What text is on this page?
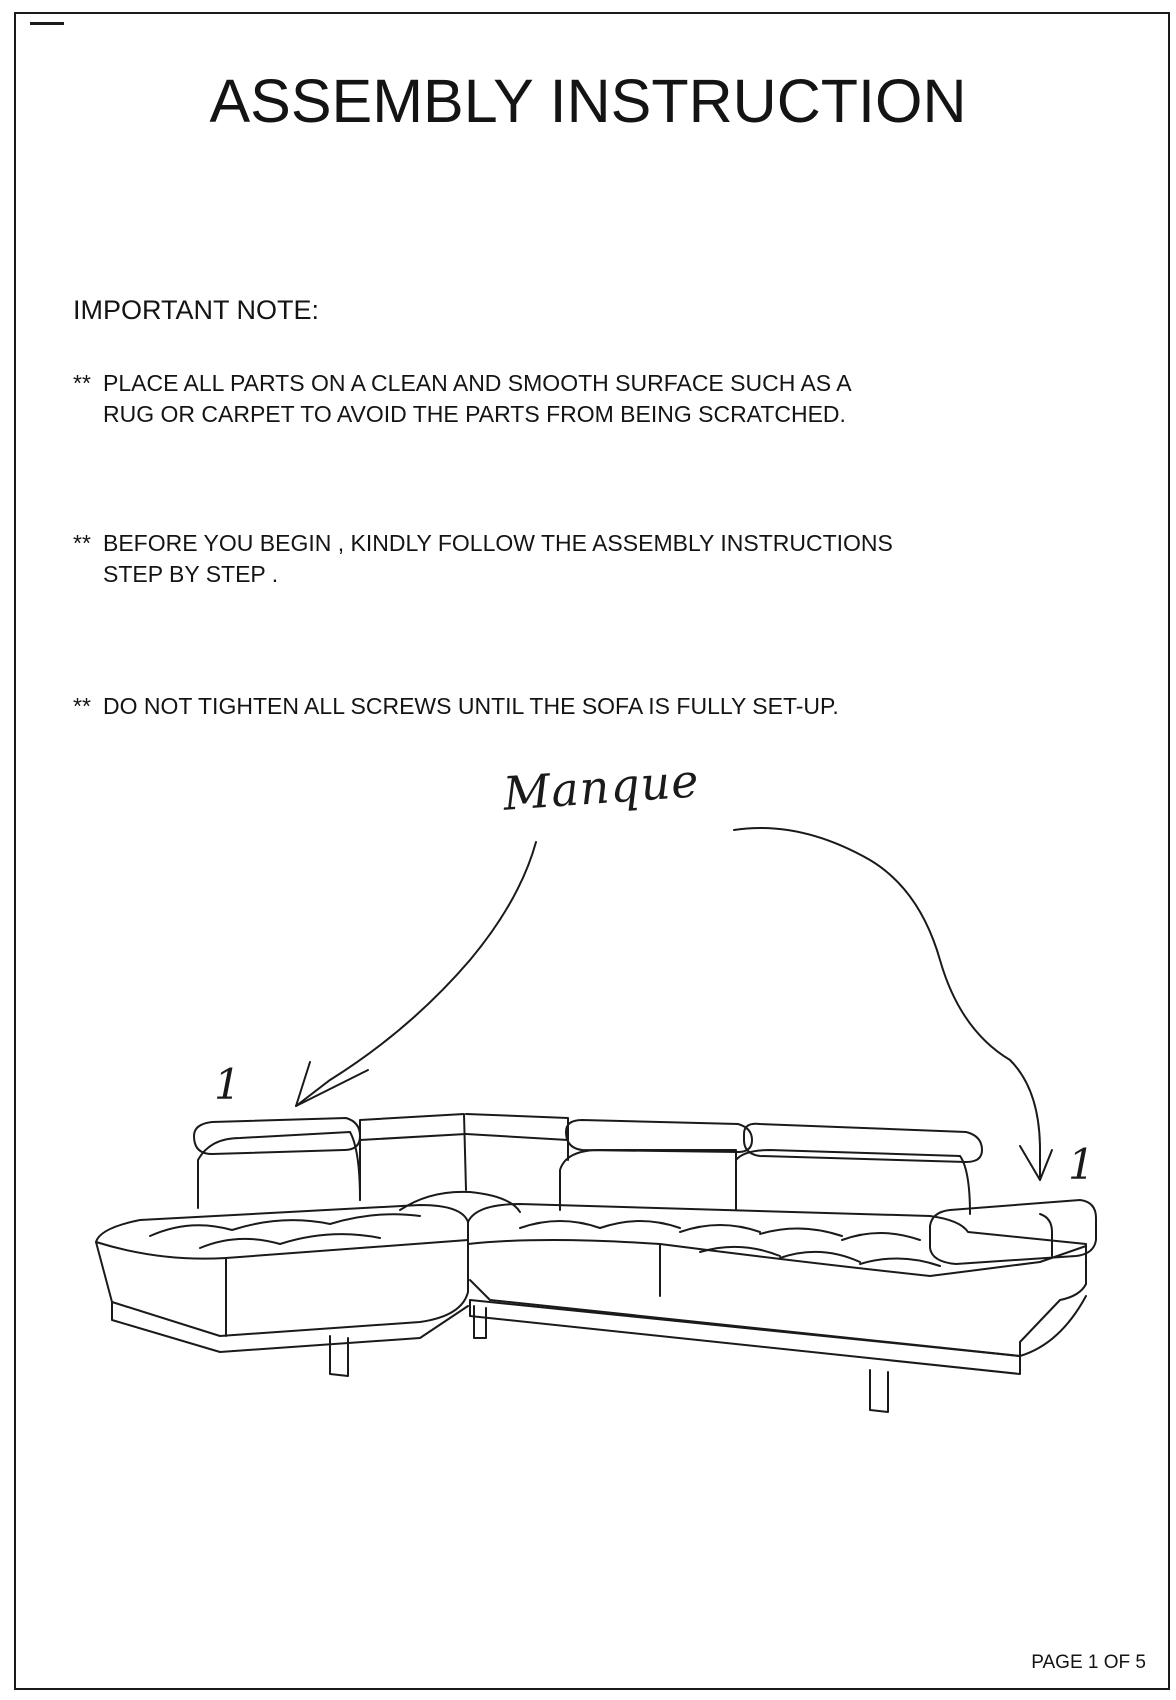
ASSEMBLY INSTRUCTION

IMPORTANT NOTE:

** PLACE ALL PARTS ON A CLEAN AND SMOOTH SURFACE SUCH AS A
RUG OR CARPET TO AVOID THE PARTS FROM BEING SCRATCHED.

** BEFORE YOU BEGIN , KINDLY FOLLOW THE ASSEMBLY INSTRUCTIONS
STEP BY STEP .

** DO NOT TIGHTEN ALL SCREWS UNTIL THE SOFA IS FULLY SET-UP.

Manque
1
1

PAGE 1 OF 5
